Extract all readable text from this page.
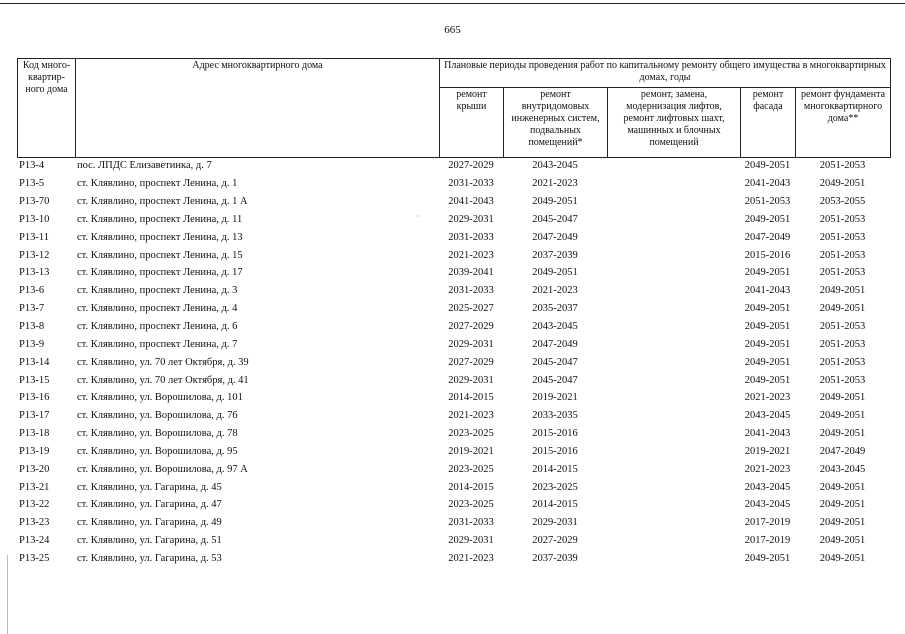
665
·
Код много-квартир-ного дома	Адрес многоквартирного дома	Плановые периоды проведения работ по капитальному ремонту общего имущества в многоквартирных домах, годы				
		ремонт крыши	ремонт внутридомовых инженерных систем, подвальных помещений*	ремонт, замена, модернизация лифтов, ремонт лифтовых шахт, машинных и блочных помещений	ремонт фасада	ремонт фундамента многоквартирного дома**
P13-4	пос. ЛПДС Елизаветинка, д. 7	2027-2029	2043-2045		2049-2051	2051-2053
P13-5	ст. Клявлино, проспект Ленина, д. 1	2031-2033	2021-2023		2041-2043	2049-2051
P13-70	ст. Клявлино, проспект Ленина, д. 1 А	2041-2043	2049-2051		2051-2053	2053-2055
P13-10	ст. Клявлино, проспект Ленина, д. 11	2029-2031	2045-2047		2049-2051	2051-2053
P13-11	ст. Клявлино, проспект Ленина, д. 13	2031-2033	2047-2049		2047-2049	2051-2053
P13-12	ст. Клявлино, проспект Ленина, д. 15	2021-2023	2037-2039		2015-2016	2051-2053
P13-13	ст. Клявлино, проспект Ленина, д. 17	2039-2041	2049-2051		2049-2051	2051-2053
P13-6	ст. Клявлино, проспект Ленина, д. 3	2031-2033	2021-2023		2041-2043	2049-2051
P13-7	ст. Клявлино, проспект Ленина, д. 4	2025-2027	2035-2037		2049-2051	2049-2051
P13-8	ст. Клявлино, проспект Ленина, д. 6	2027-2029	2043-2045		2049-2051	2051-2053
P13-9	ст. Клявлино, проспект Ленина, д. 7	2029-2031	2047-2049		2049-2051	2051-2053
P13-14	ст. Клявлино, ул. 70 лет Октября, д. 39	2027-2029	2045-2047		2049-2051	2051-2053
P13-15	ст. Клявлино, ул. 70 лет Октября, д. 41	2029-2031	2045-2047		2049-2051	2051-2053
P13-16	ст. Клявлино, ул. Ворошилова, д. 101	2014-2015	2019-2021		2021-2023	2049-2051
P13-17	ст. Клявлино, ул. Ворошилова, д. 76	2021-2023	2033-2035		2043-2045	2049-2051
P13-18	ст. Клявлино, ул. Ворошилова, д. 78	2023-2025	2015-2016		2041-2043	2049-2051
P13-19	ст. Клявлино, ул. Ворошилова, д. 95	2019-2021	2015-2016		2019-2021	2047-2049
P13-20	ст. Клявлино, ул. Ворошилова, д. 97 А	2023-2025	2014-2015		2021-2023	2043-2045
P13-21	ст. Клявлино, ул. Гагарина, д. 45	2014-2015	2023-2025		2043-2045	2049-2051
P13-22	ст. Клявлино, ул. Гагарина, д. 47	2023-2025	2014-2015		2043-2045	2049-2051
P13-23	ст. Клявлино, ул. Гагарина, д. 49	2031-2033	2029-2031		2017-2019	2049-2051
P13-24	ст. Клявлино, ул. Гагарина, д. 51	2029-2031	2027-2029		2017-2019	2049-2051
P13-25	ст. Клявлино, ул. Гагарина, д. 53	2021-2023	2037-2039		2049-2051	2049-2051
